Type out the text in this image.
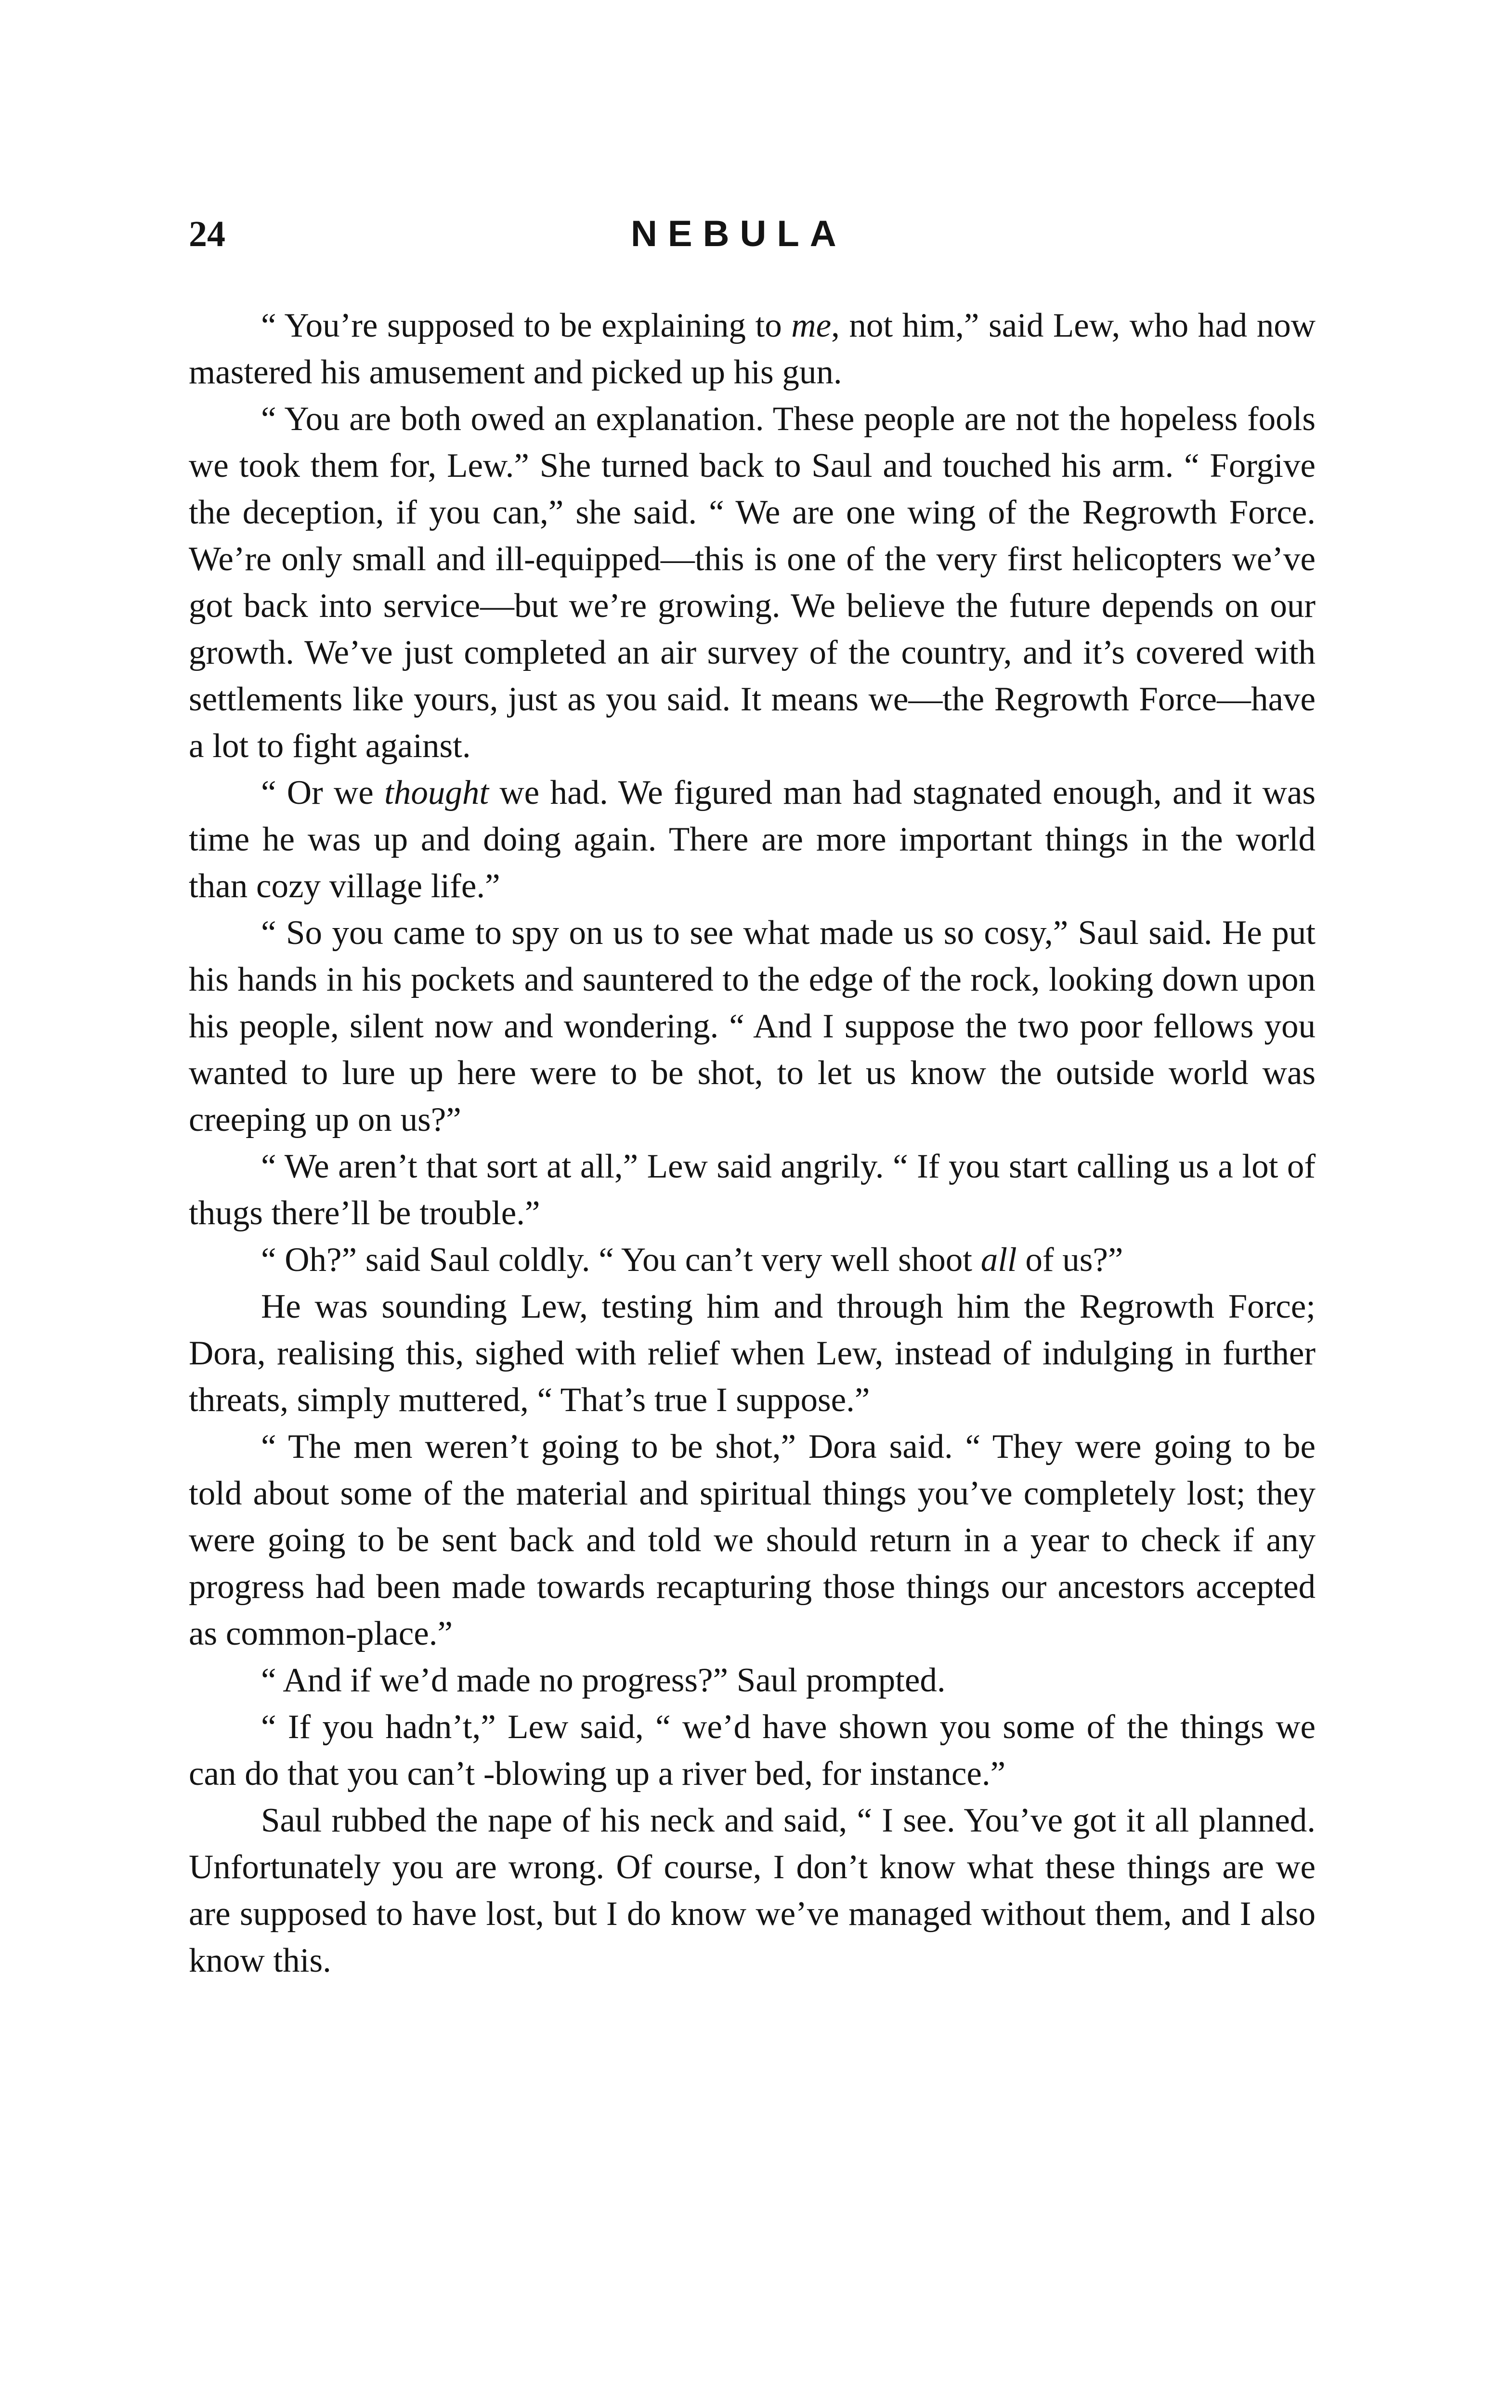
24	NEBULA

“ You’re supposed to be explaining to me, not him,” said Lew, who had now mastered his amusement and picked up his gun.

“ You are both owed an explanation. These people are not the hopeless fools we took them for, Lew.” She turned back to Saul and touched his arm. “ Forgive the deception, if you can,” she said. “ We are one wing of the Regrowth Force. We’re only small and ill-equipped—this is one of the very first helicopters we’ve got back into service—but we’re growing. We believe the future depends on our growth. We’ve just completed an air survey of the country, and it’s covered with settlements like yours, just as you said. It means we—the Regrowth Force—have a lot to fight against.

“ Or we thought we had. We figured man had stagnated enough, and it was time he was up and doing again. There are more important things in the world than cozy village life.”

“ So you came to spy on us to see what made us so cosy,” Saul said. He put his hands in his pockets and sauntered to the edge of the rock, looking down upon his people, silent now and wondering. “ And I suppose the two poor fellows you wanted to lure up here were to be shot, to let us know the outside world was creeping up on us?”

“ We aren’t that sort at all,” Lew said angrily. “ If you start calling us a lot of thugs there’ll be trouble.”

“ Oh?” said Saul coldly. “ You can’t very well shoot all of us?”

He was sounding Lew, testing him and through him the Regrowth Force; Dora, realising this, sighed with relief when Lew, instead of indulging in further threats, simply muttered, “ That’s true I suppose.”

“ The men weren’t going to be shot,” Dora said. “ They were going to be told about some of the material and spiritual things you’ve completely lost; they were going to be sent back and told we should return in a year to check if any progress had been made towards recapturing those things our ancestors accepted as common-place.”

“ And if we’d made no progress?” Saul prompted.

“ If you hadn’t,” Lew said, “ we’d have shown you some of the things we can do that you can’t -blowing up a river bed, for instance.”

Saul rubbed the nape of his neck and said, “ I see. You’ve got it all planned. Unfortunately you are wrong. Of course, I don’t know what these things are we are supposed to have lost, but I do know we’ve managed without them, and I also know this.
